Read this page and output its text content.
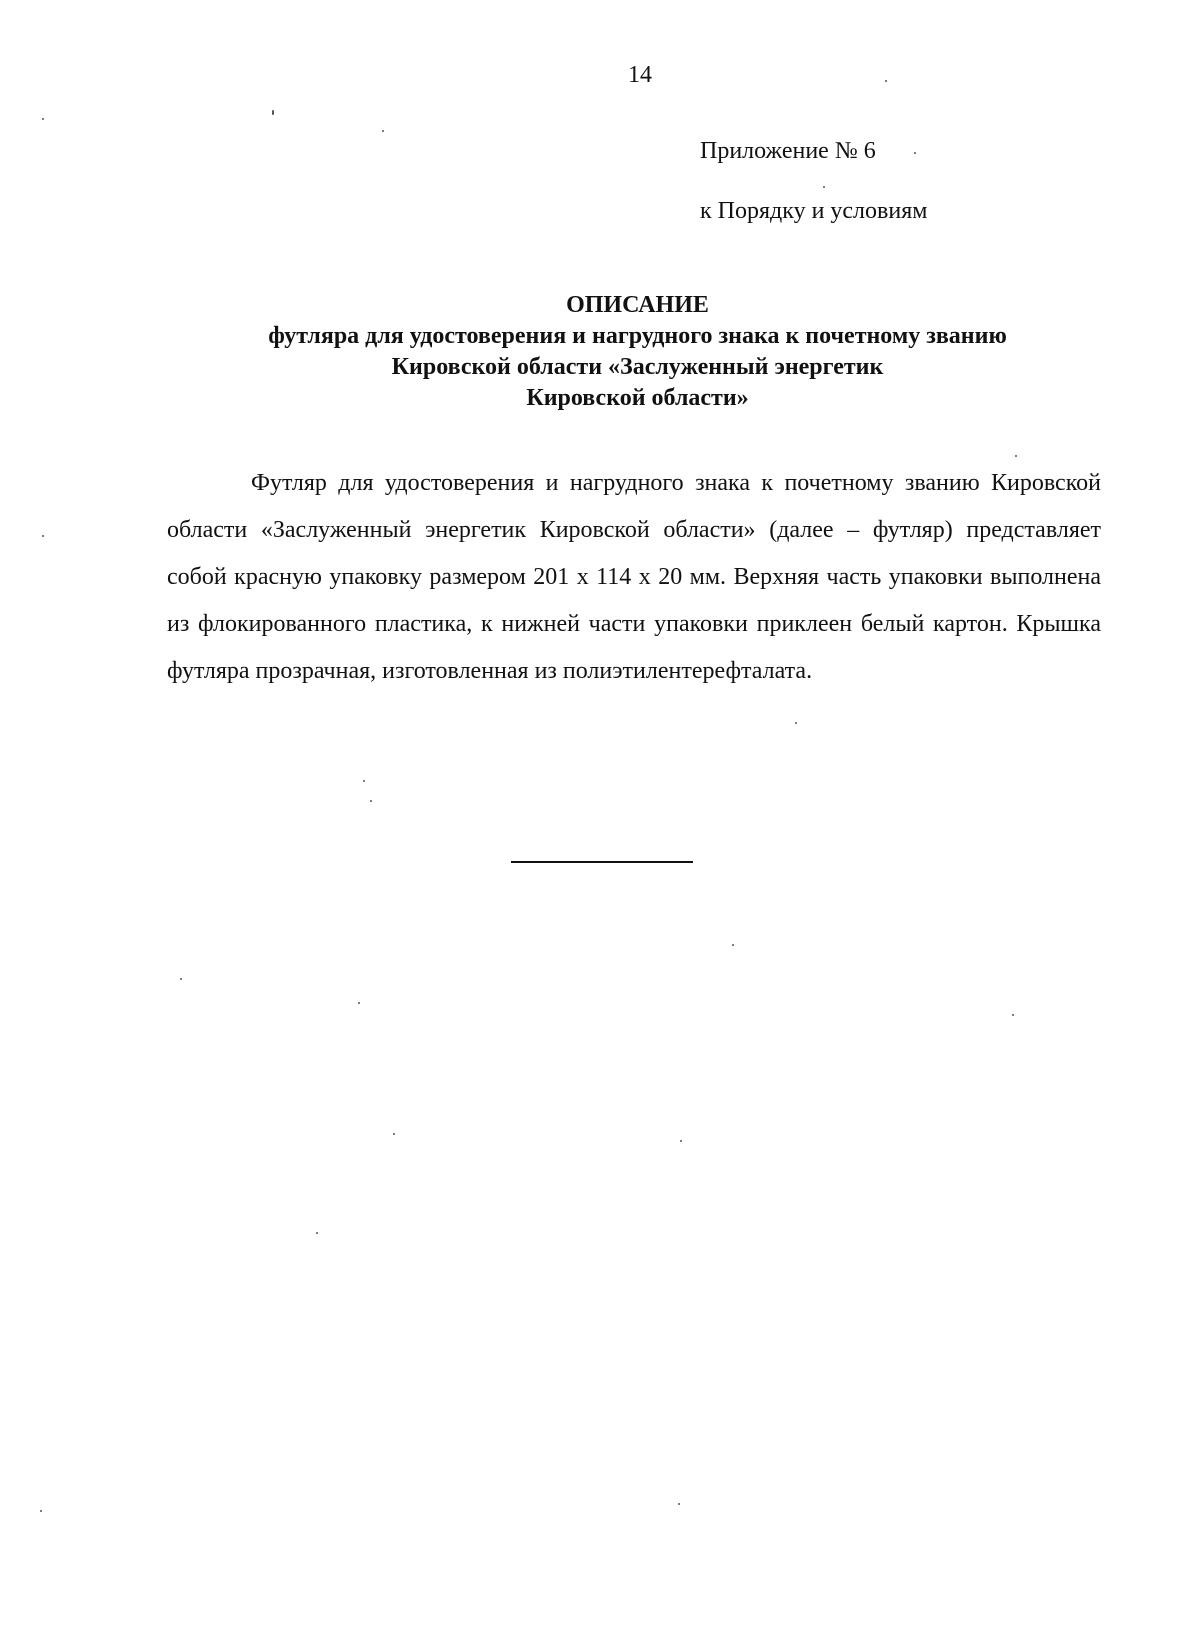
14
Приложение № 6
к Порядку и условиям
ОПИСАНИЕ
футляра для удостоверения и нагрудного знака к почетному званию
Кировской области «Заслуженный энергетик
Кировской области»

Футляр для удостоверения и нагрудного знака к почетному званию Кировской области «Заслуженный энергетик Кировской области» (далее – футляр) представляет собой красную упаковку размером 201 х 114 х 20 мм. Верхняя часть упаковки выполнена из флокированного пластика, к нижней части упаковки приклеен белый картон. Крышка футляра прозрачная, изготовленная из полиэтилентерефталата.
